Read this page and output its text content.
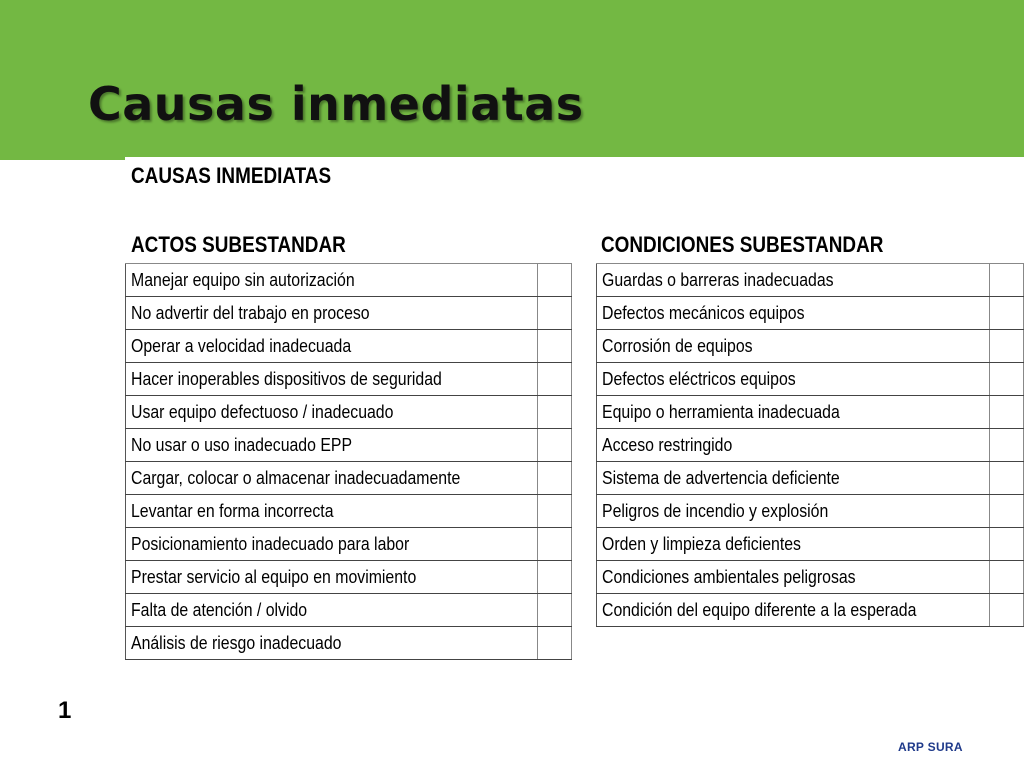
Causas inmediatas
CAUSAS INMEDIATAS
ACTOS SUBESTANDAR	CONDICIONES SUBESTANDAR
Manejar equipo sin autorización		
No advertir del trabajo en proceso		
Operar a velocidad inadecuada		
Hacer inoperables dispositivos de seguridad		
Usar equipo defectuoso / inadecuado		
No usar o uso inadecuado EPP		
Cargar, colocar o almacenar inadecuadamente		
Levantar en forma incorrecta		
Posicionamiento inadecuado para labor		
Prestar servicio al equipo en movimiento		
Falta de atención / olvido		
Análisis de riesgo inadecuado		
Guardas o barreras inadecuadas		
Defectos mecánicos equipos		
Corrosión de equipos		
Defectos eléctricos equipos		
Equipo o herramienta inadecuada		
Acceso restringido		
Sistema de advertencia deficiente		
Peligros de incendio y explosión		
Orden y limpieza deficientes		
Condiciones ambientales peligrosas		
Condición del equipo diferente a la esperada		
1
ARP SURA
